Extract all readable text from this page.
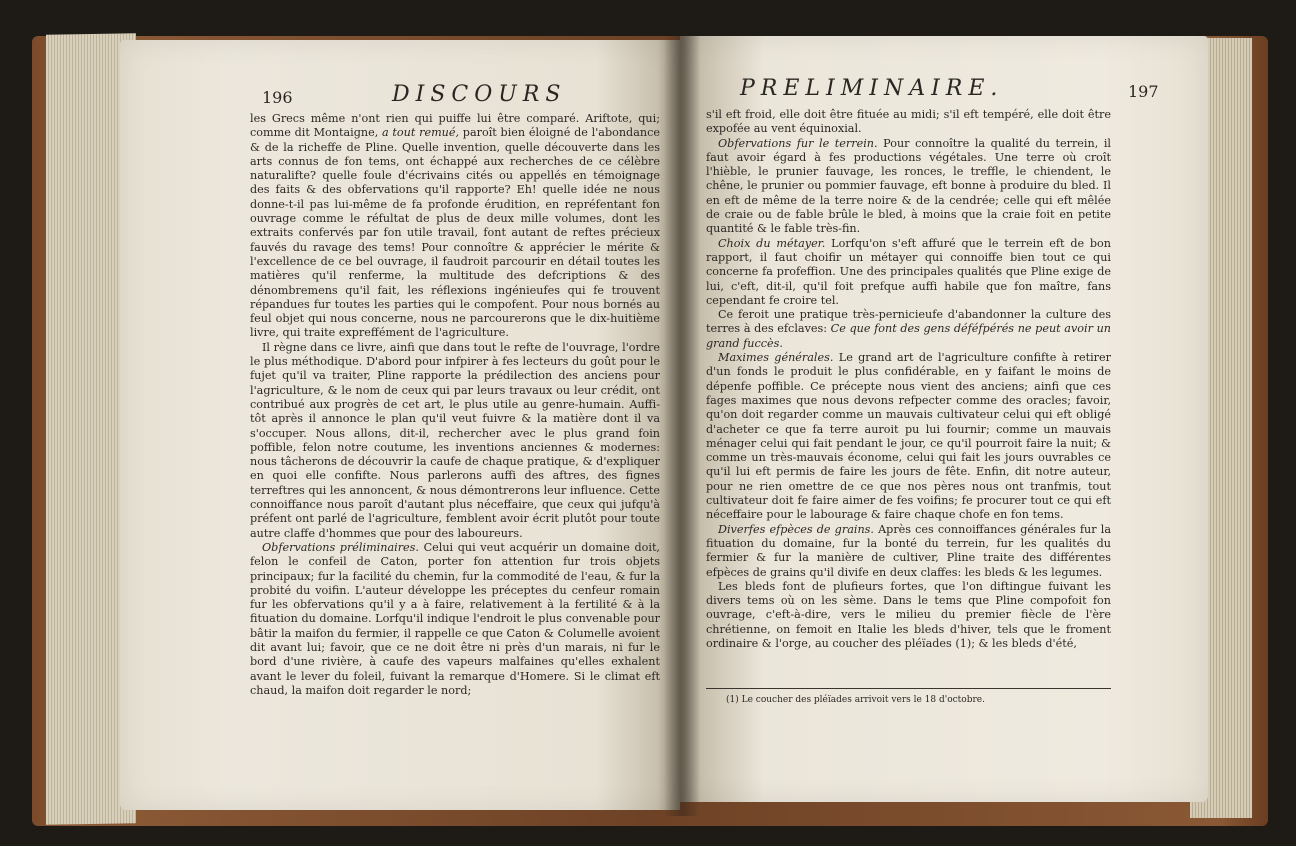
196	DISCOURS

les Grecs même n'ont rien qui puiffe lui être comparé. Ariftote, qui; comme dit Montaigne, a tout remué, paroît bien éloigné de l'abondance & de la richeffe de Pline. Quelle invention, quelle découverte dans les arts connus de fon tems, ont échappé aux recherches de ce célèbre naturalifte? quelle foule d'écrivains cités ou appellés en témoignage des faits & des obfervations qu'il rapporte? Eh! quelle idée ne nous donne-t-il pas lui-même de fa profonde érudition, en repréfentant fon ouvrage comme le réfultat de plus de deux mille volumes, dont les extraits confervés par fon utile travail, font autant de reftes précieux fauvés du ravage des tems! Pour connoître & apprécier le mérite & l'excellence de ce bel ouvrage, il faudroit parcourir en détail toutes les matières qu'il renferme, la multitude des defcriptions & des dénombremens qu'il fait, les réflexions ingénieufes qui fe trouvent répandues fur toutes les parties qui le compofent. Pour nous bornés au feul objet qui nous concerne, nous ne parcourerons que le dix-huitième livre, qui traite expreffément de l'agriculture.

Il règne dans ce livre, ainfi que dans tout le refte de l'ouvrage, l'ordre le plus méthodique. D'abord pour infpirer à fes lecteurs du goût pour le fujet qu'il va traiter, Pline rapporte la prédilection des anciens pour l'agriculture, & le nom de ceux qui par leurs travaux ou leur crédit, ont contribué aux progrès de cet art, le plus utile au genre-humain. Auffi-tôt après il annonce le plan qu'il veut fuivre & la matière dont il va s'occuper. Nous allons, dit-il, rechercher avec le plus grand foin poffible, felon notre coutume, les inventions anciennes & modernes: nous tâcherons de découvrir la caufe de chaque pratique, & d'expliquer en quoi elle confifte. Nous parlerons auffi des aftres, des fignes terreftres qui les annoncent, & nous démontrerons leur influence. Cette connoiffance nous paroît d'autant plus néceffaire, que ceux qui jufqu'à préfent ont parlé de l'agriculture, femblent avoir écrit plutôt pour toute autre claffe d'hommes que pour des laboureurs.

Obfervations préliminaires. Celui qui veut acquérir un domaine doit, felon le confeil de Caton, porter fon attention fur trois objets principaux; fur la facilité du chemin, fur la commodité de l'eau, & fur la probité du voifin. L'auteur développe les préceptes du cenfeur romain fur les obfervations qu'il y a à faire, relativement à la fertilité & à la fituation du domaine. Lorfqu'il indique l'endroit le plus convenable pour bâtir la maifon du fermier, il rappelle ce que Caton & Columelle avoient dit avant lui; favoir, que ce ne doit être ni près d'un marais, ni fur le bord d'une rivière, à caufe des vapeurs malfaines qu'elles exhalent avant le lever du foleil, fuivant la remarque d'Homere. Si le climat eft chaud, la maifon doit regarder le nord;

PRELIMINAIRE.	197

s'il eft froid, elle doit être fituée au midi; s'il eft tempéré, elle doit être expofée au vent équinoxial.

Obfervations fur le terrein. Pour connoître la qualité du terrein, il faut avoir égard à fes productions végétales. Une terre où croît l'hièble, le prunier fauvage, les ronces, le treffle, le chiendent, le chêne, le prunier ou pommier fauvage, eft bonne à produire du bled. Il en eft de même de la terre noire & de la cendrée; celle qui eft mêlée de craie ou de fable brûle le bled, à moins que la craie foit en petite quantité & le fable très-fin.

Choix du métayer. Lorfqu'on s'eft affuré que le terrein eft de bon rapport, il faut choifir un métayer qui connoiffe bien tout ce qui concerne fa profeffion. Une des principales qualités que Pline exige de lui, c'eft, dit-il, qu'il foit prefque auffi habile que fon maître, fans cependant fe croire tel.

Ce feroit une pratique très-pernicieufe d'abandonner la culture des terres à des efclaves: Ce que font des gens déféfpérés ne peut avoir un grand fuccès.

Maximes générales. Le grand art de l'agriculture confifte à retirer d'un fonds le produit le plus confidérable, en y faifant le moins de dépenfe poffible. Ce précepte nous vient des anciens; ainfi que ces fages maximes que nous devons refpecter comme des oracles; favoir, qu'on doit regarder comme un mauvais cultivateur celui qui eft obligé d'acheter ce que fa terre auroit pu lui fournir; comme un mauvais ménager celui qui fait pendant le jour, ce qu'il pourroit faire la nuit; & comme un très-mauvais économe, celui qui fait les jours ouvrables ce qu'il lui eft permis de faire les jours de fête. Enfin, dit notre auteur, pour ne rien omettre de ce que nos pères nous ont tranfmis, tout cultivateur doit fe faire aimer de fes voifins; fe procurer tout ce qui eft néceffaire pour le labourage & faire chaque chofe en fon tems.

Diverfes efpèces de grains. Après ces connoiffances générales fur la fituation du domaine, fur la bonté du terrein, fur les qualités du fermier & fur la manière de cultiver, Pline traite des différentes efpèces de grains qu'il divife en deux claffes: les bleds & les legumes.

Les bleds font de plufieurs fortes, que l'on diftingue fuivant les divers tems où on les sème. Dans le tems que Pline compofoit fon ouvrage, c'eft-à-dire, vers le milieu du premier fiècle de l'ère chrétienne, on femoit en Italie les bleds d'hiver, tels que le froment ordinaire & l'orge, au coucher des pléïades (1); & les bleds d'été,

(1) Le coucher des pléïades arrivoit vers le 18 d'octobre.
